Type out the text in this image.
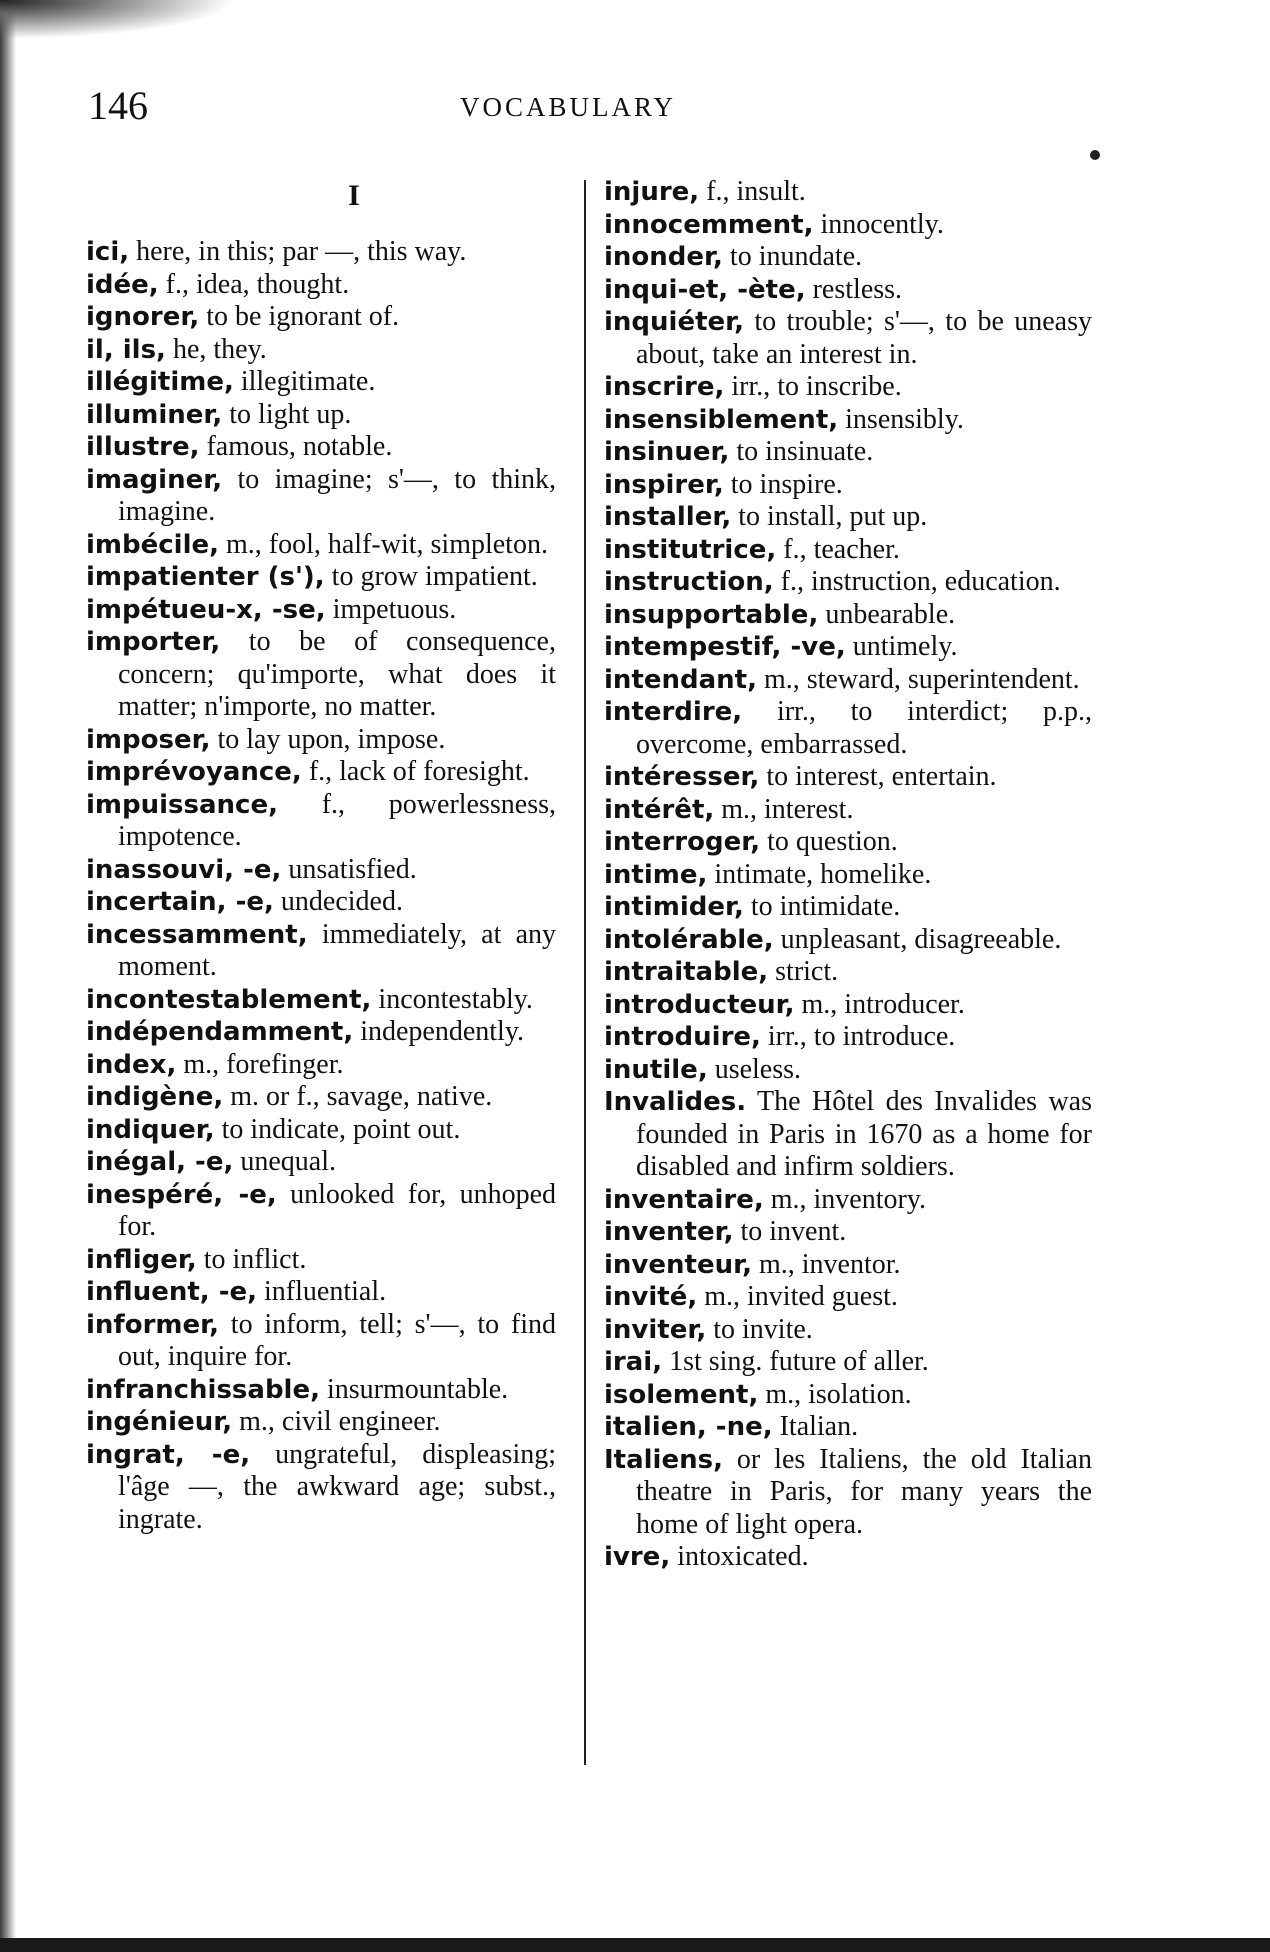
146	VOCABULARY
I
ici, here, in this; par —, this way.
idée, f., idea, thought.
ignorer, to be ignorant of.
il, ils, he, they.
illégitime, illegitimate.
illuminer, to light up.
illustre, famous, notable.
imaginer, to imagine; s'—, to think, imagine.
imbécile, m., fool, half-wit, simpleton.
impatienter (s'), to grow impatient.
impétueu-x, -se, impetuous.
importer, to be of consequence, concern; qu'importe, what does it matter; n'importe, no matter.
imposer, to lay upon, impose.
imprévoyance, f., lack of foresight.
impuissance, f., powerlessness, impotence.
inassouvi, -e, unsatisfied.
incertain, -e, undecided.
incessamment, immediately, at any moment.
incontestablement, incontestably.
indépendamment, independently.
index, m., forefinger.
indigène, m. or f., savage, native.
indiquer, to indicate, point out.
inégal, -e, unequal.
inespéré, -e, unlooked for, unhoped for.
infliger, to inflict.
influent, -e, influential.
informer, to inform, tell; s'—, to find out, inquire for.
infranchissable, insurmountable.
ingénieur, m., civil engineer.
ingrat, -e, ungrateful, displeasing; l'âge —, the awkward age; subst., ingrate.
injure, f., insult.
innocemment, innocently.
inonder, to inundate.
inqui-et, -ète, restless.
inquiéter, to trouble; s'—, to be uneasy about, take an interest in.
inscrire, irr., to inscribe.
insensiblement, insensibly.
insinuer, to insinuate.
inspirer, to inspire.
installer, to install, put up.
institutrice, f., teacher.
instruction, f., instruction, education.
insupportable, unbearable.
intempestif, -ve, untimely.
intendant, m., steward, superintendent.
interdire, irr., to interdict; p.p., overcome, embarrassed.
intéresser, to interest, entertain.
intérêt, m., interest.
interroger, to question.
intime, intimate, homelike.
intimider, to intimidate.
intolérable, unpleasant, disagreeable.
intraitable, strict.
introducteur, m., introducer.
introduire, irr., to introduce.
inutile, useless.
Invalides. The Hôtel des Invalides was founded in Paris in 1670 as a home for disabled and infirm soldiers.
inventaire, m., inventory.
inventer, to invent.
inventeur, m., inventor.
invité, m., invited guest.
inviter, to invite.
irai, 1st sing. future of aller.
isolement, m., isolation.
italien, -ne, Italian.
Italiens, or les Italiens, the old Italian theatre in Paris, for many years the home of light opera.
ivre, intoxicated.
